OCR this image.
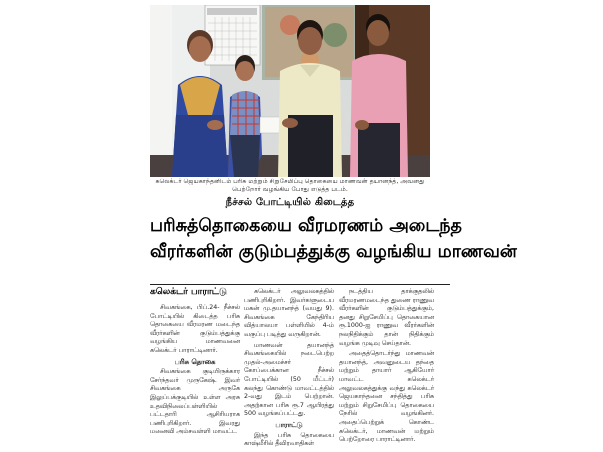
கலெக்டர் ஜெயகாந்தனிடம் பரிசு மற்றும் சிறுசேமிப்பு தொகையை மாணவன் தயானந்த், அவனது பெற்றோர் வழங்கிய போது எடுத்த படம்.
நீச்சல் போட்டியில் கிடைத்த
பரிசுத்தொகையை வீரமரணம் அடைந்த
வீரர்களின் குடும்பத்துக்கு வழங்கிய மாணவன்
கலெக்டர் பாராட்டு

சிவகங்கை, பிப்.24- நீச்சல் போட்டியில் கிடைத்த பரிசு தொகையை வீரமரண மடைந்த வீரர்களின் குடும்பத்துக்கு வழங்கிய மாணவனை கலெக்டர் பாராட்டினார்.

பரிசு தொகை

சிவகங்கை குடியிருக்கார சேர்ந்தவர் முருகேஷ். இவர் சிவகங்கை அருகே இலுப்பக்குடியில் உள்ள அரசு உதவிநிலைப்பள்ளியில் பட்டதாரி ஆசிரியராக பணிபுரிகிறார். இவரது மனைவி அம்சவள்ளி மாவட்ட

கலெக்டர் அலுவலகத்தில் பணிபுரிகிறார். இவர்களுடைய மகன் மு.தயானந்த் (வயது 9). சிவகங்கை கேந்திரிய வித்யாலயா பள்ளியில் 4-ம் வகுப்பு படித்து வருகிறான்.

மாணவன் தயானந்த் சிவகங்கையில் நடைபெற்ற முதல்-அமைச்சர் கோப்பைக்கான நீச்சல் போட்டியில் (50 மீட்டர்) கலந்து கொண்டு மாவட்டத்தில் 2-வது இடம் பெற்றான். அதற்கான பரிசு ரூ.7 ஆயிரத்து 500 வழங்கப்பட்டது.

பாராட்டு

இந்த பரிசு தொகையை காஷ்மீரில் தீவிரவாதிகள்

நடத்திய தாக்குதலில் வீரமரணமடைந்த துணை ராணுவ வீரர்களின் குடும்பத்துக்கும், தனது சிறுசேமிப்பு தொகையான ரூ.1000-ஐ ராணுவ வீரர்களின் நலநிதிக்கும் தான் நிதிக்கும் வழங்க முடிவு செய்தான்.

அதைத்தொடர்ந்து மாணவன் தயானந்த், அவனுடைய தந்தை மற்றும் தாயார் ஆகியோர் மாவட்ட கலெக்டர் அலுவலகத்துக்கு வந்து கலெக்டர் ஜெயகாந்தனை சந்தித்து பரிசு மற்றும் சிறுசேமிப்பு தொகையை நேரில் வழங்கினர். அதைப்பெற்றுக் கொண்ட கலெக்டர், மாணவன் மற்றும் பெற்றோரை பாராட்டினார்.
